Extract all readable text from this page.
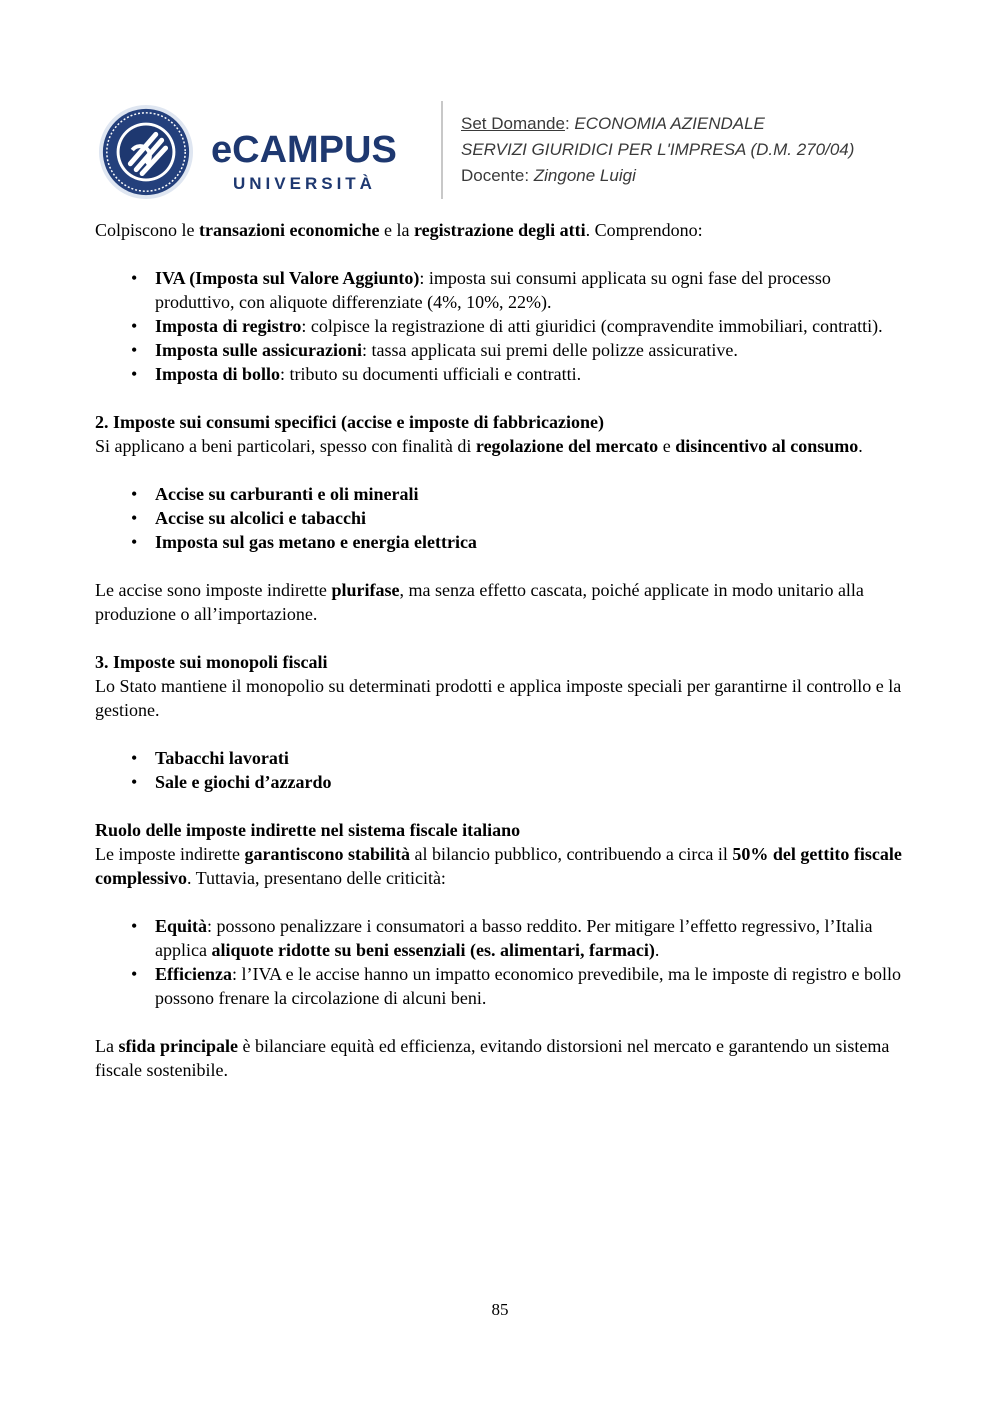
eCAMPUS
UNIVERSITÀ
Set Domande: ECONOMIA AZIENDALE
SERVIZI GIURIDICI PER L'IMPRESA (D.M. 270/04)
Docente: Zingone Luigi

Colpiscono le transazioni economiche e la registrazione degli atti. Comprendono:

• IVA (Imposta sul Valore Aggiunto): imposta sui consumi applicata su ogni fase del processo produttivo, con aliquote differenziate (4%, 10%, 22%).
• Imposta di registro: colpisce la registrazione di atti giuridici (compravendite immobiliari, contratti).
• Imposta sulle assicurazioni: tassa applicata sui premi delle polizze assicurative.
• Imposta di bollo: tributo su documenti ufficiali e contratti.

2. Imposte sui consumi specifici (accise e imposte di fabbricazione)

Si applicano a beni particolari, spesso con finalità di regolazione del mercato e disincentivo al consumo.

• Accise su carburanti e oli minerali
• Accise su alcolici e tabacchi
• Imposta sul gas metano e energia elettrica

Le accise sono imposte indirette plurifase, ma senza effetto cascata, poiché applicate in modo unitario alla produzione o all’importazione.

3. Imposte sui monopoli fiscali

Lo Stato mantiene il monopolio su determinati prodotti e applica imposte speciali per garantirne il controllo e la gestione.

• Tabacchi lavorati
• Sale e giochi d’azzardo

Ruolo delle imposte indirette nel sistema fiscale italiano

Le imposte indirette garantiscono stabilità al bilancio pubblico, contribuendo a circa il 50% del gettito fiscale complessivo. Tuttavia, presentano delle criticità:

• Equità: possono penalizzare i consumatori a basso reddito. Per mitigare l’effetto regressivo, l’Italia applica aliquote ridotte su beni essenziali (es. alimentari, farmaci).
• Efficienza: l’IVA e le accise hanno un impatto economico prevedibile, ma le imposte di registro e bollo possono frenare la circolazione di alcuni beni.

La sfida principale è bilanciare equità ed efficienza, evitando distorsioni nel mercato e garantendo un sistema fiscale sostenibile.

85
